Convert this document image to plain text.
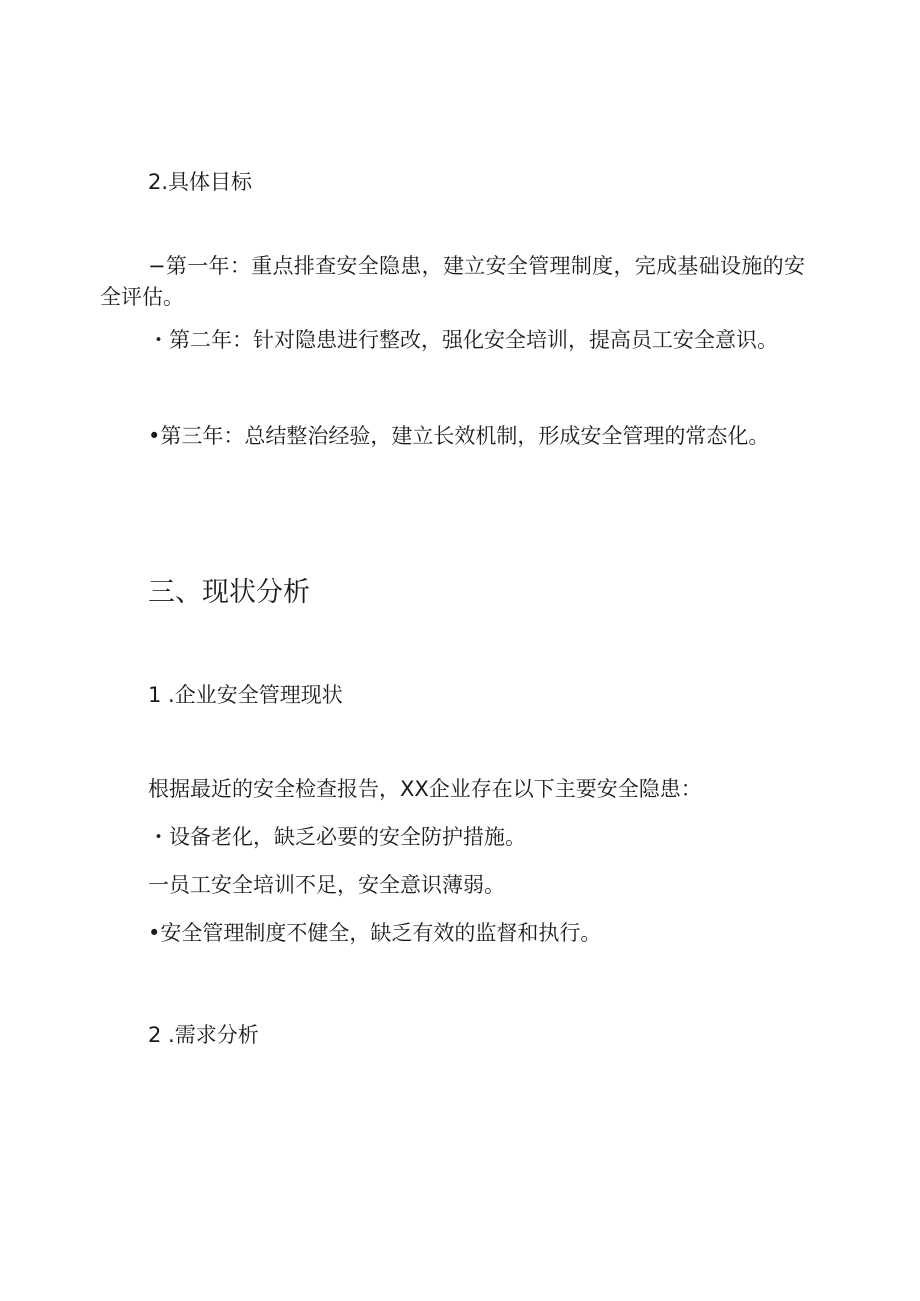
2.具体目标
−第一年：重点排查安全隐患，建立安全管理制度，完成基础设施的安全评估。
・第二年：针对隐患进行整改，强化安全培训，提高员工安全意识。
•第三年：总结整治经验，建立长效机制，形成安全管理的常态化。
三、现状分析
1 .企业安全管理现状
根据最近的安全检查报告，XX企业存在以下主要安全隐患：
・设备老化，缺乏必要的安全防护措施。
一员工安全培训不足，安全意识薄弱。
•安全管理制度不健全，缺乏有效的监督和执行。
2 .需求分析
